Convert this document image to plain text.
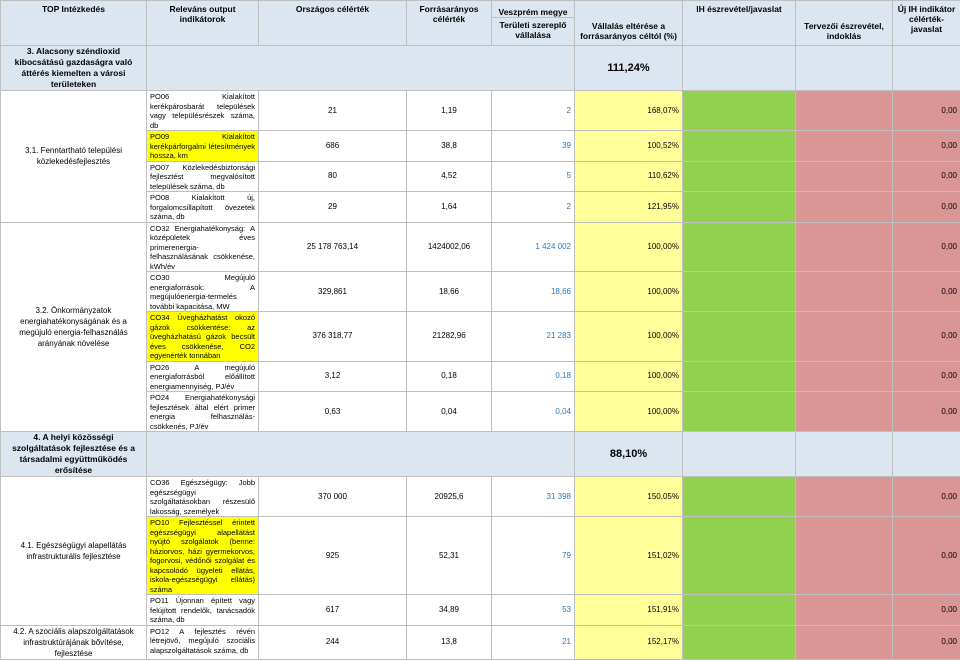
TOP Intézkedés	Releváns output indikátorok	Országos célérték	Forrásarányos célérték	Veszprém megye
Területi szereplő vállalása	Vállalás eltérése a forrásarányos céltól (%)	IH észrevétel/javaslat	Tervezői észrevétel, indoklás	Új IH indikátor célérték-javaslat
3. Alacsony széndioxid kibocsátású gazdaságra való áttérés kiemelten a városi területeken					111,24%			
3.1. Fenntartható települési közlekedésfejlesztés	PO06 Kialakított kerékpárosbarát települések vagy településrészek száma, db	21	1,19	2	168,07%			0,00
	PO09 Kialakított kerékpárforgalmi létesítmények hossza, km	686	38,8	39	100,52%			0,00
	PO07 Közlekedésbiztonsági fejlesztést megvalósított települések száma, db	80	4,52	5	110,62%			0,00
	PO08 Kialakított új, forgalomcsillapított övezetek száma, db	29	1,64	2	121,95%			0,00
3.2. Önkormányzatok energiahatékonyságának és a megújuló energia-felhasználás arányának növelése	CO32 Energiahatékonyság: A középületek éves primerenergia-felhasználásának csökkenése, kWh/év	25 178 763,14	1424002,06	1 424 002	100,00%			0,00
	CO30 Megújuló energiaforrások: A megújulóenergia-termelés további kapacitása, MW	329,861	18,66	18,66	100,00%			0,00
	CO34 Üvegházhatást okozó gázok csökkentése: az üvegházhatású gázok becsült éves csökkenése, CO2 egyenérték tonnában	376 318,77	21282,96	21 283	100,00%			0,00
	PO26 A megújuló energiaforrásból előállított energiamennyiség, PJ/év	3,12	0,18	0,18	100,00%			0,00
	PO24 Energiahatékonysági fejlesztések által elért primer energia felhasználás-csökkenés, PJ/év	0,63	0,04	0,04	100,00%			0,00
4. A helyi közösségi szolgáltatások fejlesztése és a társadalmi együttműködés erősítése					88,10%			
4.1. Egészségügyi alapellátás infrastrukturális fejlesztése	CO36 Egészségügy: Jobb egészségügyi szolgáltatásokban részesülő lakosság, személyek	370 000	20925,6	31 398	150,05%			0,00
	PO10 Fejlesztéssel érintett egészségügyi alapellátást nyújtó szolgálatok (benne: háziorvos, házi gyermekorvos, fogorvosi, védőnői szolgálat és kapcsolódó ügyeleti ellátás, iskola-egészségügyi ellátás) száma	925	52,31	79	151,02%			0,00
	PO11 Újonnan épített vagy felújított rendelők, tanácsadók száma, db	617	34,89	53	151,91%			0,00
4.2. A szociális alapszolgáltatások infrastruktúrájának bővítése, fejlesztése	PO12 A fejlesztés révén létrejövő, megújuló szociális alapszolgáltatások száma, db	244	13,8	21	152,17%			0,00
